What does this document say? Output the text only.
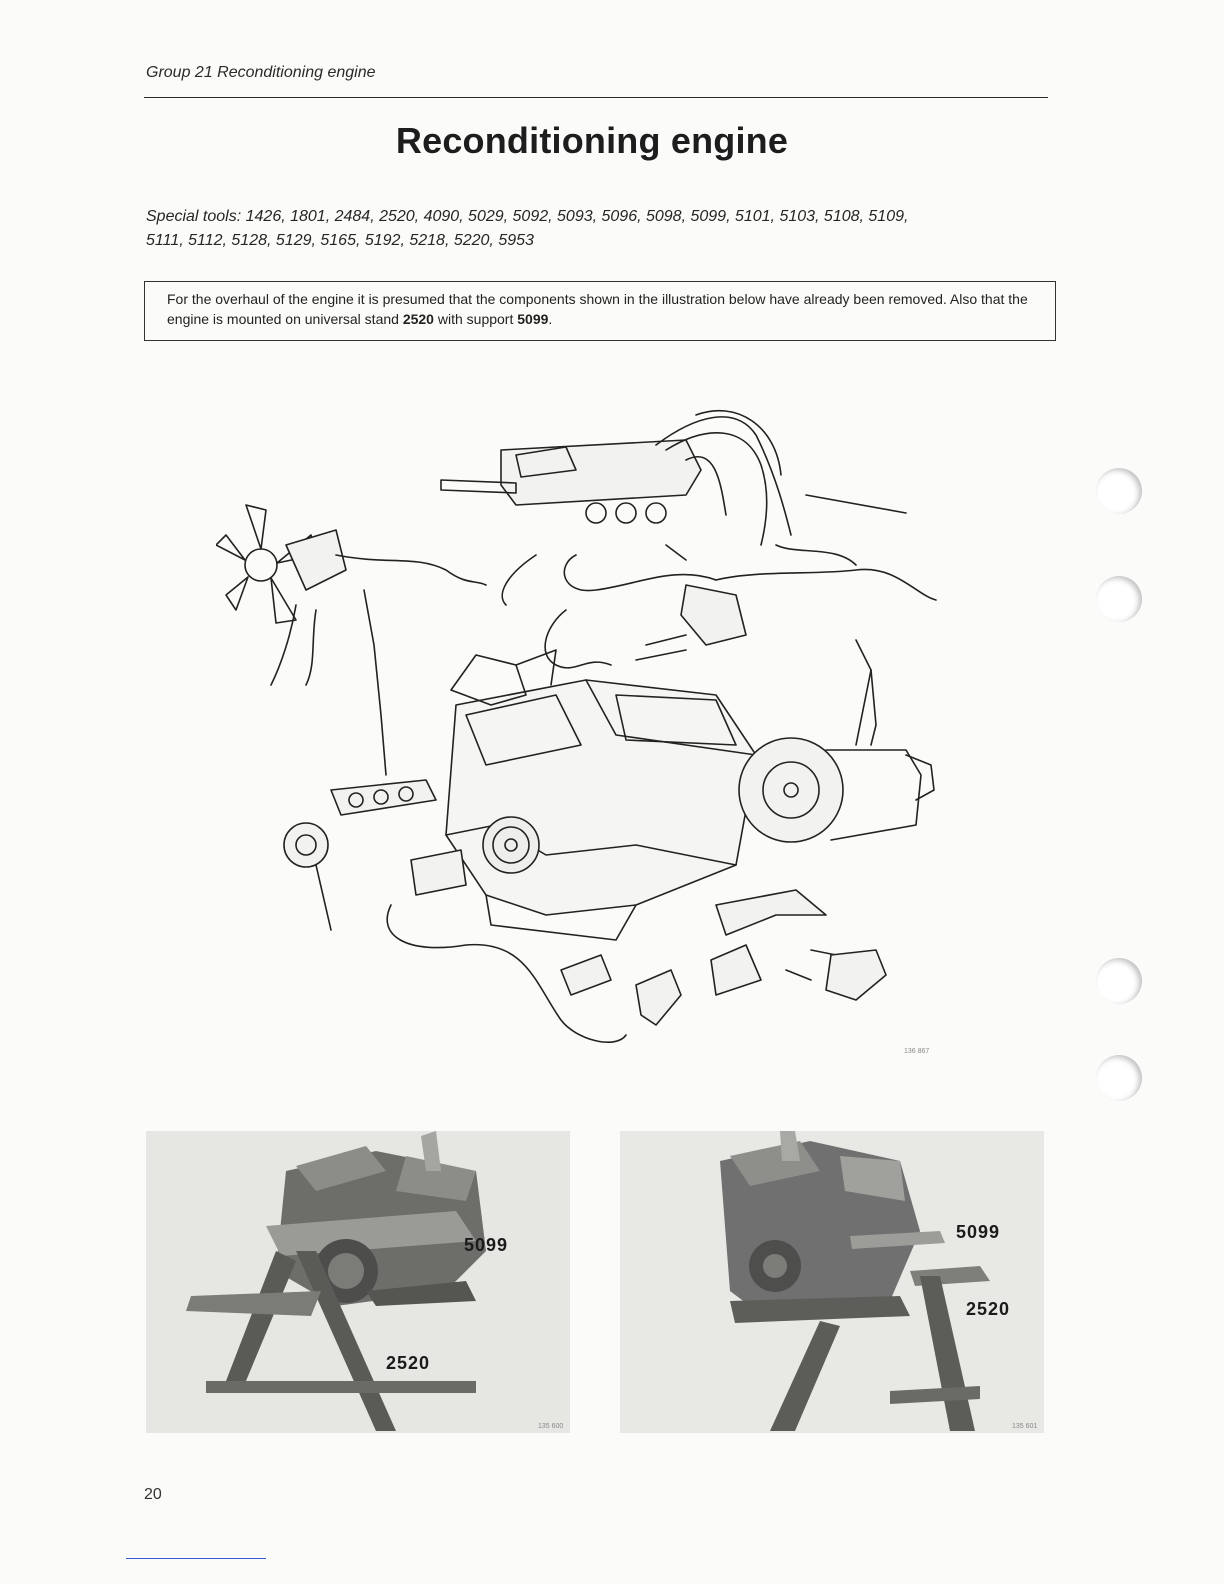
Group 21 Reconditioning engine
Reconditioning engine
Special tools: 1426, 1801, 2484, 2520, 4090, 5029, 5092, 5093, 5096, 5098, 5099, 5101, 5103, 5108, 5109,
5111, 5112, 5128, 5129, 5165, 5192, 5218, 5220, 5953
For the overhaul of the engine it is presumed that the components shown in the illustration below have already been removed. Also that the engine is mounted on universal stand 2520 with support 5099.
136 867
5099
2520
135 600
5099
2520
135 601
20
